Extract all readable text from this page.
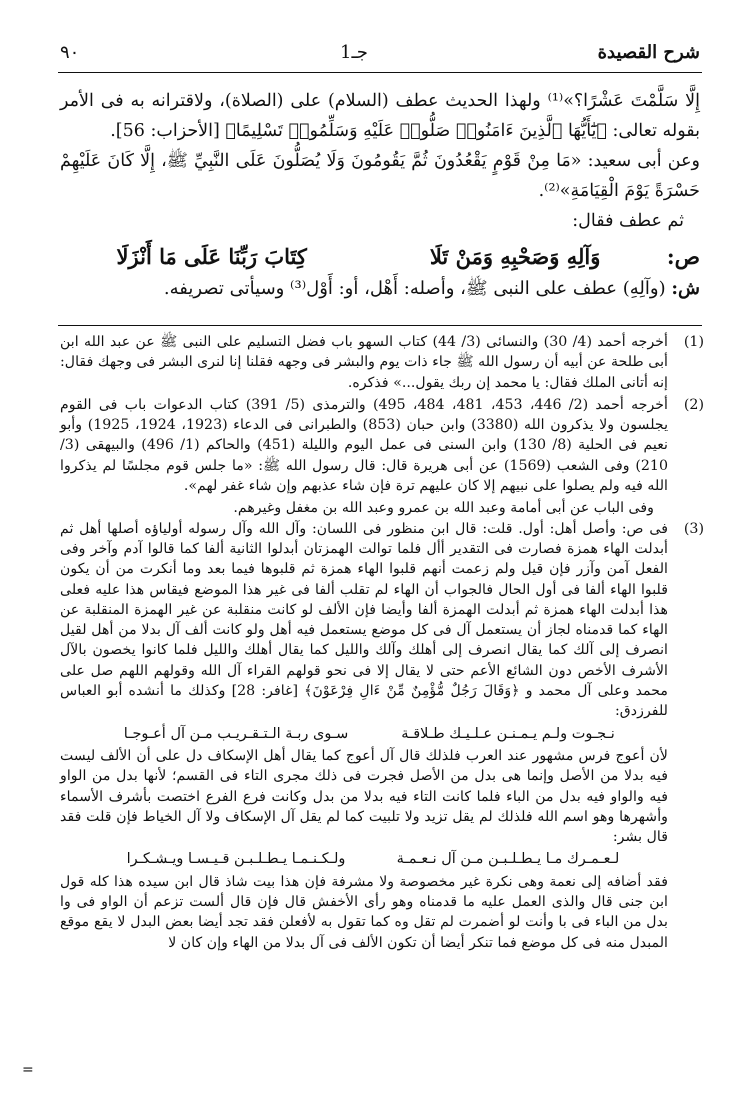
شرح القصيدة
جـ1
٩٠

إِلَّا سَلَّمْتَ عَشْرًا؟»⁽¹⁾ ولهذا الحديث عطف (السلام) على (الصلاة)، ولاقترانه به فى الأمر بقوله تعالى: ﴿يَٰٓأَيُّهَا ٱلَّذِينَ ءَامَنُوا۟ صَلُّوا۟ عَلَيْهِ وَسَلِّمُوا۟ تَسْلِيمًا﴾ [الأحزاب: 56].

وعن أبى سعيد: «مَا مِنْ قَوْمٍ يَقْعُدُونَ ثُمَّ يَقُومُونَ وَلَا يُصَلُّونَ عَلَى النَّبِيِّ ﷺ، إِلَّا كَانَ عَلَيْهِمْ حَسْرَةً يَوْمَ الْقِيَامَةِ»⁽²⁾.

ثم عطف فقال:

ص:
وَآلِهِ وَصَحْبِهِ وَمَنْ تَلَا
كِتَابَ رَبِّنَا عَلَى مَا أَنْزَلَا

ش: (وآلِهِ) عطف على النبى ﷺ، وأصله: أَهْل، أو: أَوْل⁽³⁾ وسيأتى تصريفه.

(1)
أخرجه أحمد (4/ 30) والنسائى (3/ 44) كتاب السهو باب فضل التسليم على النبى ﷺ عن عبد الله ابن أبى طلحة عن أبيه أن رسول الله ﷺ جاء ذات يوم والبشر فى وجهه فقلنا إنا لنرى البشر فى وجهك فقال: إنه أتانى الملك فقال: يا محمد إن ربك يقول...» فذكره.
(2)
أخرجه أحمد (2/ 446، 453، 481، 484، 495) والترمذى (5/ 391) كتاب الدعوات باب فى القوم يجلسون ولا يذكرون الله (3380) وابن حبان (853) والطبرانى فى الدعاء (1923، 1924، 1925) وأبو نعيم فى الحلية (8/ 130) وابن السنى فى عمل اليوم والليلة (451) والحاكم (1/ 496) والبيهقى (3/ 210) وفى الشعب (1569) عن أبى هريرة قال: قال رسول الله ﷺ: «ما جلس قوم مجلسًا لم يذكروا الله فيه ولم يصلوا على نبيهم إلا كان عليهم ترة فإن شاء عذبهم وإن شاء غفر لهم».
وفى الباب عن أبى أمامة وعبد الله بن عمرو وعبد الله بن مغفل وغيرهم.
(3)
فى ص: وأصل أهل: أول. قلت: قال ابن منظور فى اللسان: وآل الله وآل رسوله أولياؤه أصلها أهل ثم أبدلت الهاء همزة فصارت فى التقدير أأل فلما توالت الهمزتان أبدلوا الثانية ألفا كما قالوا آدم وآخر وفى الفعل آمن وآزر فإن قيل ولم زعمت أنهم قلبوا الهاء همزة ثم قلبوها فيما بعد وما أنكرت من أن يكون قلبوا الهاء ألفا فى أول الحال فالجواب أن الهاء لم تقلب ألفا فى غير هذا الموضع فيقاس هذا عليه فعلى هذا أبدلت الهاء همزة ثم أبدلت الهمزة ألفا وأيضا فإن الألف لو كانت منقلبة عن غير الهمزة المنقلبة عن الهاء كما قدمناه لجاز أن يستعمل آل فى كل موضع يستعمل فيه أهل ولو كانت ألف آل بدلا من أهل لقيل انصرف إلى آلك كما يقال انصرف إلى أهلك وآلك والليل كما يقال أهلك والليل فلما كانوا يخصون بالآل الأشرف الأخص دون الشائع الأعم حتى لا يقال إلا فى نحو قولهم القراء آل الله وقولهم اللهم صل على محمد وعلى آل محمد و ﴿وَقَالَ رَجُلٌ مُّؤْمِنٌ مِّنْ ءَالِ فِرْعَوْنَ﴾ [غافر: 28] وكذلك ما أنشده أبو العباس للفرزدق:
نـجـوت ولـم يـمـنـن عـلـيـك طـلاقـة
سـوى ربـة الـتـقـريـب مـن آل أعـوجـا
لأن أعوج فرس مشهور عند العرب فلذلك قال آل أعوج كما يقال أهل الإسكاف دل على أن الألف ليست فيه بدلا من الأصل وإنما هى بدل من الأصل فجرت فى ذلك مجرى التاء فى القسم؛ لأنها بدل من الواو فيه والواو فيه بدل من الباء فلما كانت التاء فيه بدلا من بدل وكانت فرع الفرع اختصت بأشرف الأسماء وأشهرها وهو اسم الله فلذلك لم يقل تزيد ولا تلبيت كما لم يقل آل الإسكاف ولا آل الخياط فإن قلت فقد قال بشر:
لـعـمـرك مـا يـطـلـبـن مـن آل نـعـمـة
ولـكـنـمـا يـطـلـبـن قـيـسـا ويـشـكـرا
فقد أضافه إلى نعمة وهى نكرة غير مخصوصة ولا مشرفة فإن هذا بيت شاذ قال ابن سيده هذا كله قول ابن جنى قال والذى العمل عليه ما قدمناه وهو رأى الأخفش قال فإن قال ألست تزعم أن الواو فى وا بدل من الباء فى با وأنت لو أضمرت لم تقل وه كما تقول به لأفعلن فقد تجد أيضا بعض البدل لا يقع موقع المبدل منه فى كل موضع فما تنكر أيضا أن تكون الألف فى آل بدلا من الهاء وإن كان لا
=
